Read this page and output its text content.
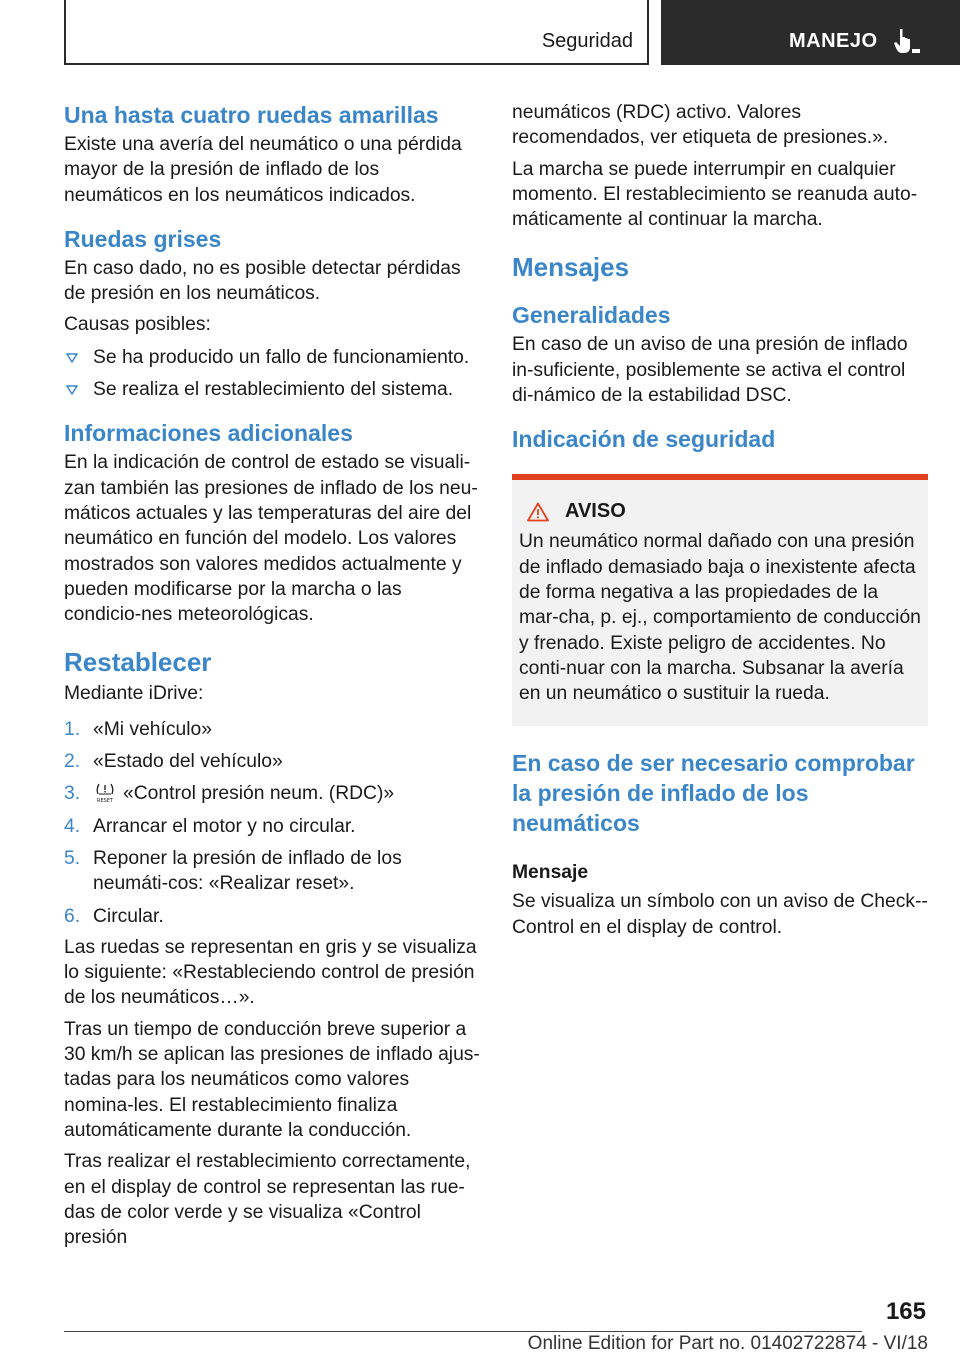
Seguridad	MANEJO
Una hasta cuatro ruedas amarillas

Existe una avería del neumático o una pérdida mayor de la presión de inflado de los neumáticos en los neumáticos indicados.

Ruedas grises

En caso dado, no es posible detectar pérdidas de presión en los neumáticos.

Causas posibles:

Se ha producido un fallo de funcionamiento.
Se realiza el restablecimiento del sistema.
Informaciones adicionales

En la indicación de control de estado se visuali-zan también las presiones de inflado de los neu-máticos actuales y las temperaturas del aire del neumático en función del modelo. Los valores mostrados son valores medidos actualmente y pueden modificarse por la marcha o las condicio-nes meteorológicas.

Restablecer

Mediante iDrive:

1. «Mi vehículo»
2. «Estado del vehículo»
3.	RESET «Control presión neum. (RDC)»
4. Arrancar el motor y no circular.
5. Reponer la presión de inflado de los neumáti-cos: «Realizar reset».
6. Circular.

Las ruedas se representan en gris y se visualiza lo siguiente: «Restableciendo control de presión de los neumáticos…».

Tras un tiempo de conducción breve superior a 30 km/h se aplican las presiones de inflado ajus-tadas para los neumáticos como valores nomina-les. El restablecimiento finaliza automáticamente durante la conducción.

Tras realizar el restablecimiento correctamente, en el display de control se representan las rue-das de color verde y se visualiza «Control presión

neumáticos (RDC) activo. Valores recomendados, ver etiqueta de presiones.».

La marcha se puede interrumpir en cualquier momento. El restablecimiento se reanuda auto-máticamente al continuar la marcha.

Mensajes
Generalidades

En caso de un aviso de una presión de inflado in-suficiente, posiblemente se activa el control di-námico de la estabilidad DSC.

Indicación de seguridad
AVISO

Un neumático normal dañado con una presión de inflado demasiado baja o inexistente afecta de forma negativa a las propiedades de la mar-cha, p. ej., comportamiento de conducción y frenado. Existe peligro de accidentes. No conti-nuar con la marcha. Subsanar la avería en un neumático o sustituir la rueda.

En caso de ser necesario comprobar la presión de inflado de los neumáticos
Mensaje

Se visualiza un símbolo con un aviso de Check--Control en el display de control.

165
Online Edition for Part no. 01402722874 - VI/18
